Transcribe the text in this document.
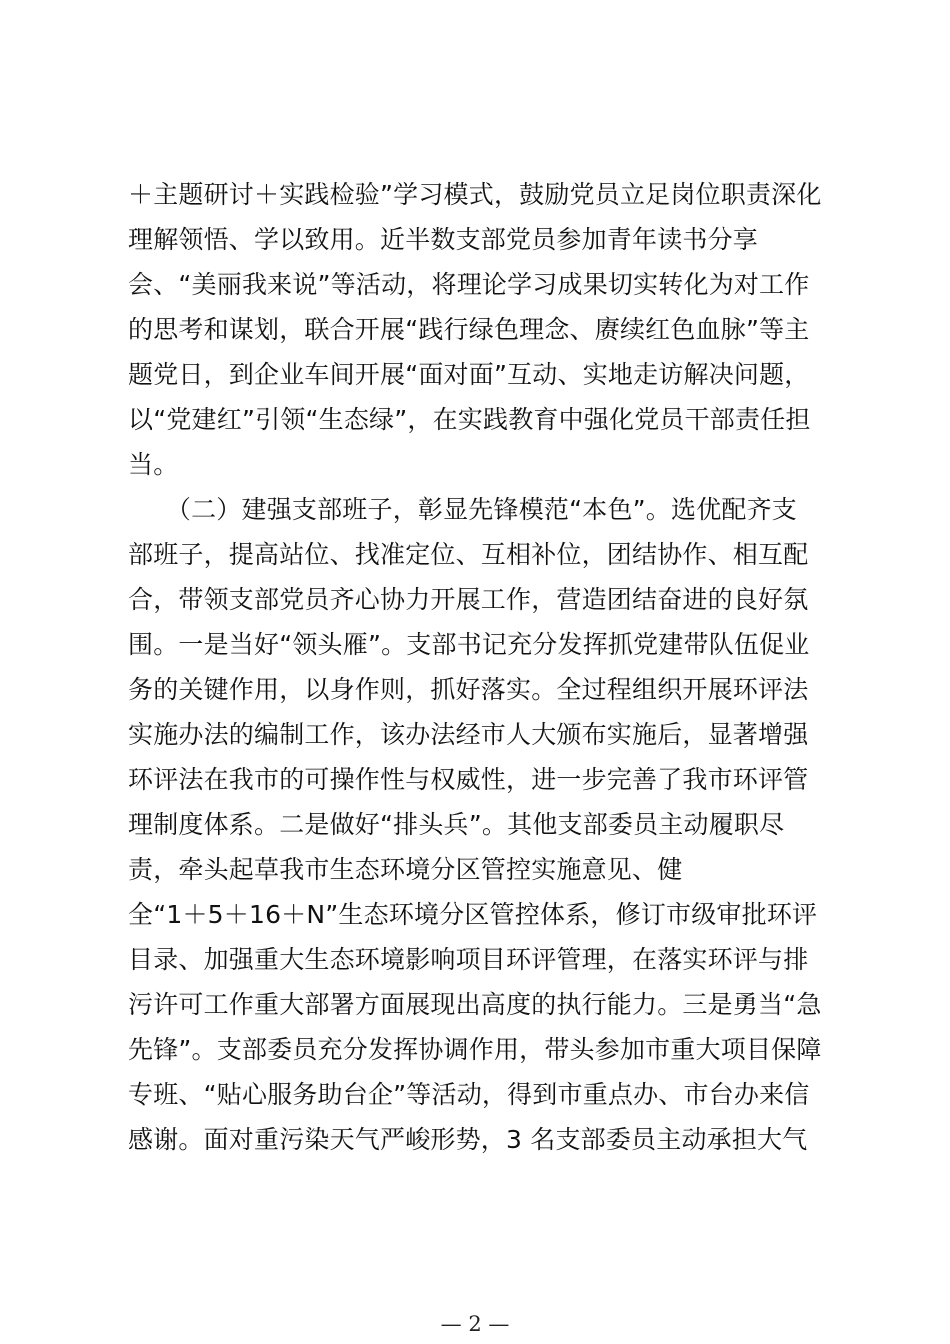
＋主题研讨＋实践检验”学习模式，鼓励党员立足岗位职责深化
理解领悟、学以致用。近半数支部党员参加青年读书分享
会、“美丽我来说”等活动，将理论学习成果切实转化为对工作
的思考和谋划，联合开展“践行绿色理念、赓续红色血脉”等主
题党日，到企业车间开展“面对面”互动、实地走访解决问题，
以“党建红”引领“生态绿”，在实践教育中强化党员干部责任担
当。
　　（二）建强支部班子，彰显先锋模范“本色”。选优配齐支
部班子，提高站位、找准定位、互相补位，团结协作、相互配
合，带领支部党员齐心协力开展工作，营造团结奋进的良好氛
围。一是当好“领头雁”。支部书记充分发挥抓党建带队伍促业
务的关键作用，以身作则，抓好落实。全过程组织开展环评法
实施办法的编制工作，该办法经市人大颁布实施后，显著增强
环评法在我市的可操作性与权威性，进一步完善了我市环评管
理制度体系。二是做好“排头兵”。其他支部委员主动履职尽
责，牵头起草我市生态环境分区管控实施意见、健
全“1＋5＋16＋N”生态环境分区管控体系，修订市级审批环评
目录、加强重大生态环境影响项目环评管理，在落实环评与排
污许可工作重大部署方面展现出高度的执行能力。三是勇当“急
先锋”。支部委员充分发挥协调作用，带头参加市重大项目保障
专班、“贴心服务助台企”等活动，得到市重点办、市台办来信
感谢。面对重污染天气严峻形势，3 名支部委员主动承担大气
— 2 —
